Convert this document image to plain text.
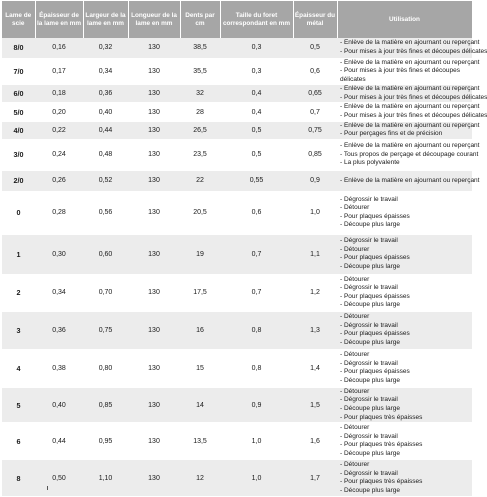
Lame de scie	Épaisseur de la lame en mm	Largeur de la lame en mm	Longueur de la lame en mm	Dents par cm	Taille du foret correspondant en mm	Épaisseur du métal	Utilisation
8/0	0,16	0,32	130	38,5	0,3	0,5	- Enlève de la matière en ajournant ou reperçant
- Pour mises à jour très fines et découpes délicates

7/0	0,17	0,34	130	35,5	0,3	0,6	- Enlève de la matière en ajournant ou reperçant
- Pour mises à jour très fines et découpes
délicates

6/0	0,18	0,36	130	32	0,4	0,65	- Enlève de la matière en ajournant ou reperçant
- Pour mises à jour très fines et découpes délicates

5/0	0,20	0,40	130	28	0,4	0,7	- Enlève de la matière en ajournant ou reperçant
- Pour mises à jour très fines et découpes délicates

4/0	0,22	0,44	130	26,5	0,5	0,75	- Enlève de la matière en ajournant ou reperçant
- Pour perçages fins et de précision

3/0	0,24	0,48	130	23,5	0,5	0,85	- Enlève de la matière en ajournant ou reperçant
- Tous propos de perçage et découpage courant
- La plus polyvalente

2/0	0,26	0,52	130	22	0,55	0,9	- Enlève de la matière en ajournant ou reperçant

0	0,28	0,56	130	20,5	0,6	1,0	- Dégrossir le travail
- Détourer
- Pour plaques épaisses
- Découpe plus large

1	0,30	0,60	130	19	0,7	1,1	- Dégrossir le travail
- Détourer
- Pour plaques épaisses
- Découpe plus large

2	0,34	0,70	130	17,5	0,7	1,2	- Détourer
- Dégrossir le travail
- Pour plaques épaisses
- Découpe plus large

3	0,36	0,75	130	16	0,8	1,3	- Détourer
- Dégrossir le travail
- Pour plaques épaisses
- Découpe plus large

4	0,38	0,80	130	15	0,8	1,4	- Détourer
- Dégrossir le travail
- Pour plaques épaisses
- Découpe plus large

5	0,40	0,85	130	14	0,9	1,5	- Détourer
- Dégrossir le travail
- Découpe plus large
- Pour plaques très épaisses

6	0,44	0,95	130	13,5	1,0	1,6	- Détourer
- Dégrossir le travail
- Pour plaques très épaisses
- Découpe plus large

8	0,50	1,10	130	12	1,0	1,7	- Détourer
- Dégrossir le travail
- Pour plaques très épaisses
- Découpe plus large
